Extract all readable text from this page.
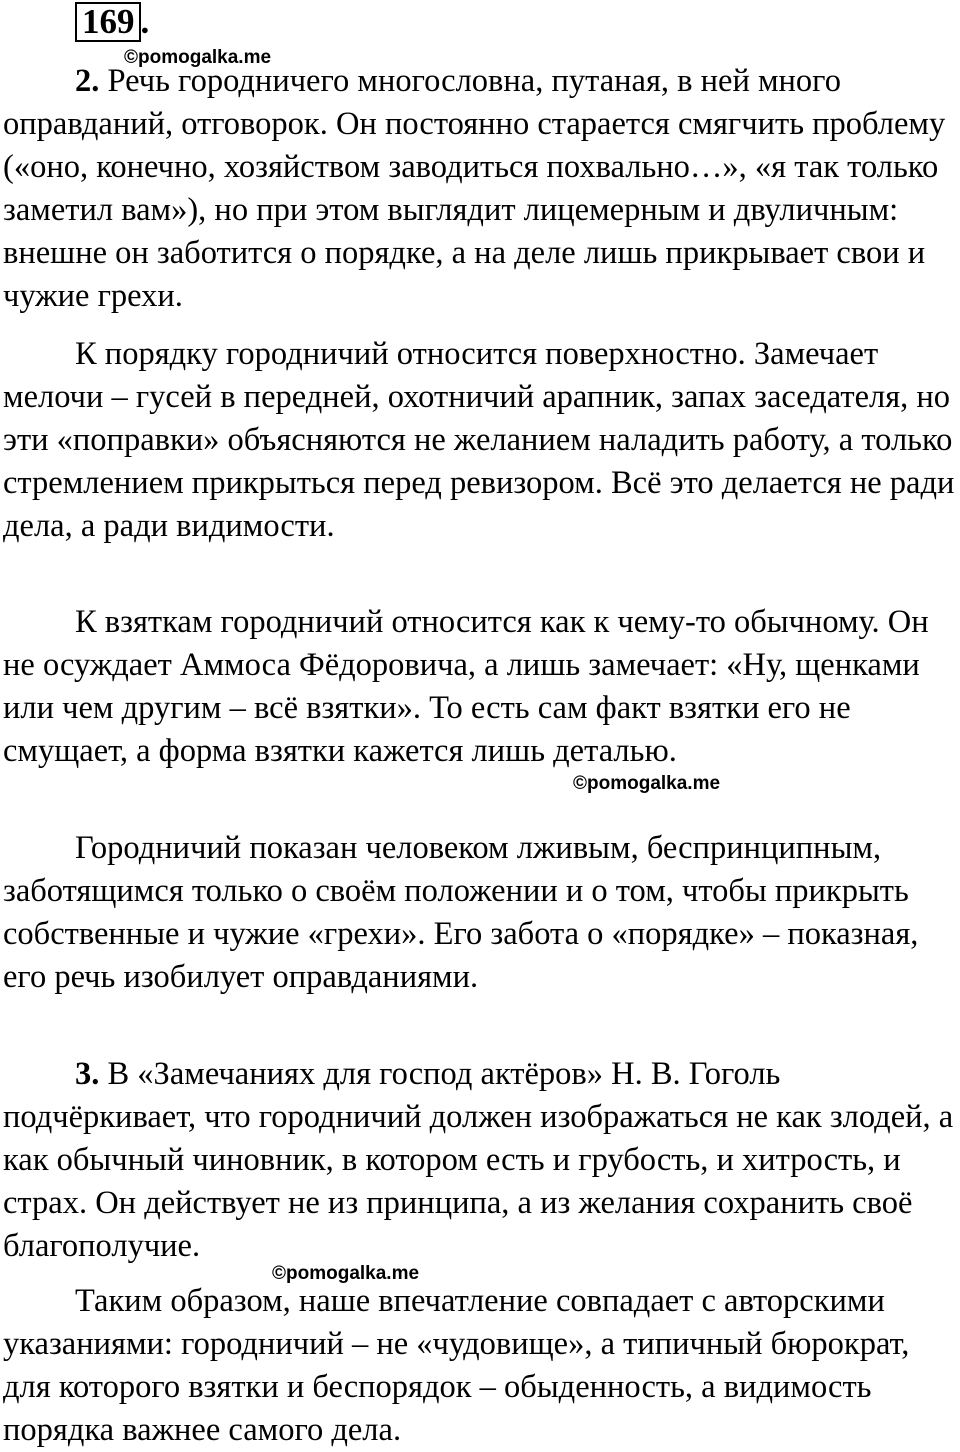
169 .
©pomogalka.me

2. Речь городничего многословна, путаная, в ней много оправданий, отговорок. Он постоянно старается смягчить проблему («оно, конечно, хозяйством заводиться похвально…», «я так только заметил вам»), но при этом выглядит лицемерным и двуличным: внешне он заботится о порядке, а на деле лишь прикрывает свои и чужие грехи.

К порядку городничий относится поверхностно. Замечает мелочи – гусей в передней, охотничий арапник, запах заседателя, но эти «поправки» объясняются не желанием наладить работу, а только стремлением прикрыться перед ревизором. Всё это делается не ради дела, а ради видимости.

К взяткам городничий относится как к чему-то обычному. Он не осуждает Аммоса Фёдоровича, а лишь замечает: «Ну, щенками или чем другим – всё взятки». То есть сам факт взятки его не смущает, а форма взятки кажется лишь деталью.

©pomogalka.me

Городничий показан человеком лживым, беспринципным, заботящимся только о своём положении и о том, чтобы прикрыть собственные и чужие «грехи». Его забота о «порядке» – показная, его речь изобилует оправданиями.

3. В «Замечаниях для господ актёров» Н. В. Гоголь подчёркивает, что городничий должен изображаться не как злодей, а как обычный чиновник, в котором есть и грубость, и хитрость, и страх. Он действует не из принципа, а из желания сохранить своё благополучие.

©pomogalka.me

Таким образом, наше впечатление совпадает с авторскими указаниями: городничий – не «чудовище», а типичный бюрократ, для которого взятки и беспорядок – обыденность, а видимость порядка важнее самого дела.
